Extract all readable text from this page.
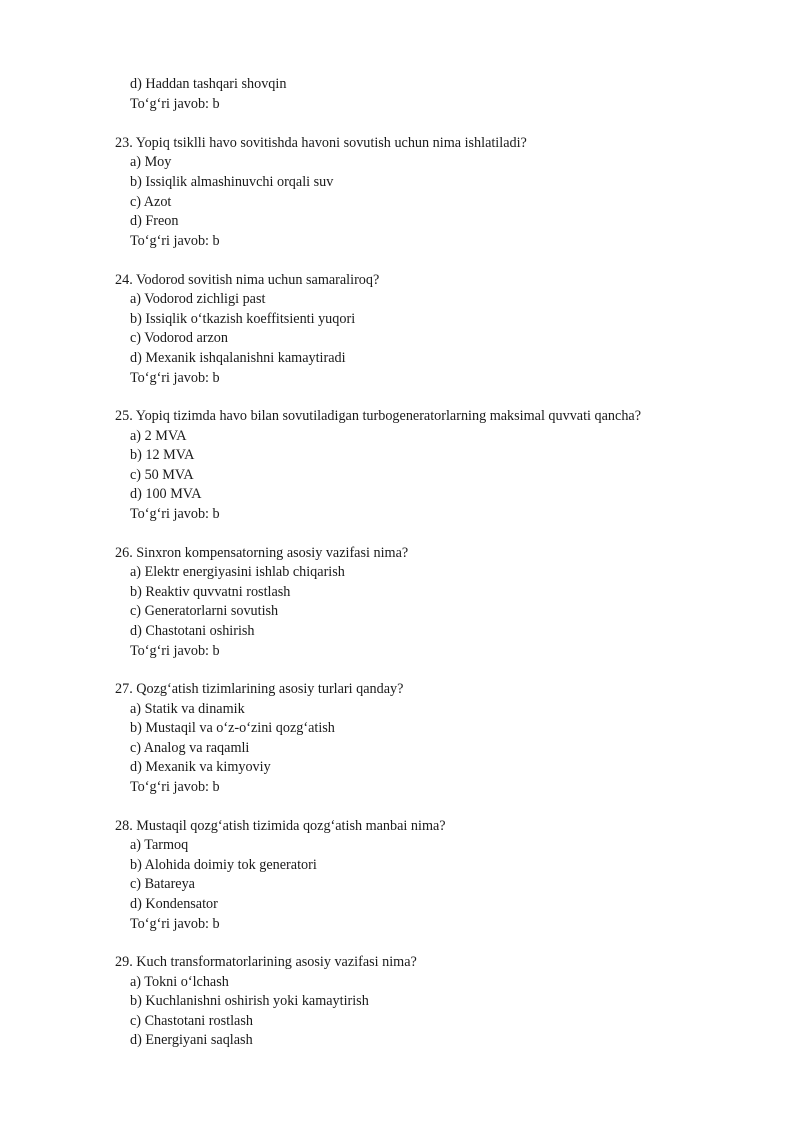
d) Haddan tashqari shovqin
To‘g‘ri javob: b
23. Yopiq tsiklli havo sovitishda havoni sovutish uchun nima ishlatiladi?
a) Moy
b) Issiqlik almashinuvchi orqali suv
c) Azot
d) Freon
To‘g‘ri javob: b
24. Vodorod sovitish nima uchun samaraliroq?
a) Vodorod zichligi past
b) Issiqlik o‘tkazish koeffitsienti yuqori
c) Vodorod arzon
d) Mexanik ishqalanishni kamaytiradi
To‘g‘ri javob: b
25. Yopiq tizimda havo bilan sovutiladigan turbogeneratorlarning maksimal quvvati qancha?
a) 2 MVA
b) 12 MVA
c) 50 MVA
d) 100 MVA
To‘g‘ri javob: b
26. Sinxron kompensatorning asosiy vazifasi nima?
a) Elektr energiyasini ishlab chiqarish
b) Reaktiv quvvatni rostlash
c) Generatorlarni sovutish
d) Chastotani oshirish
To‘g‘ri javob: b
27. Qozg‘atish tizimlarining asosiy turlari qanday?
a) Statik va dinamik
b) Mustaqil va o‘z-o‘zini qozg‘atish
c) Analog va raqamli
d) Mexanik va kimyoviy
To‘g‘ri javob: b
28. Mustaqil qozg‘atish tizimida qozg‘atish manbai nima?
a) Tarmoq
b) Alohida doimiy tok generatori
c) Batareya
d) Kondensator
To‘g‘ri javob: b
29. Kuch transformatorlarining asosiy vazifasi nima?
a) Tokni o‘lchash
b) Kuchlanishni oshirish yoki kamaytirish
c) Chastotani rostlash
d) Energiyani saqlash
